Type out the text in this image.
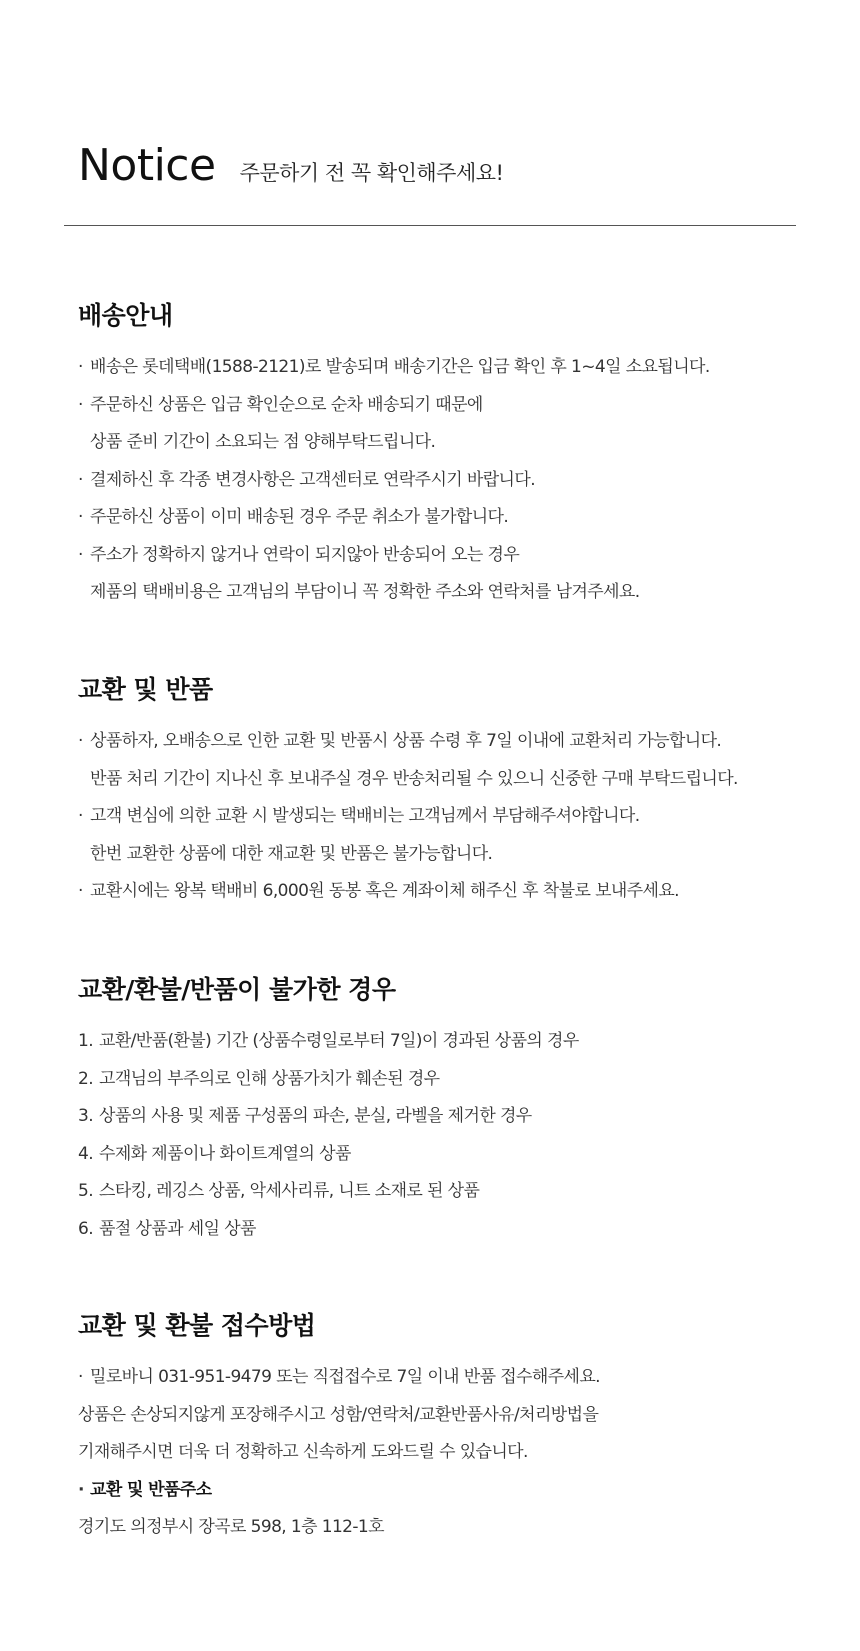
Notice 주문하기 전 꼭 확인해주세요!
배송안내
· 배송은 롯데택배(1588-2121)로 발송되며 배송기간은 입금 확인 후 1~4일 소요됩니다.
· 주문하신 상품은 입금 확인순으로 순차 배송되기 때문에
상품 준비 기간이 소요되는 점 양해부탁드립니다.
· 결제하신 후 각종 변경사항은 고객센터로 연락주시기 바랍니다.
· 주문하신 상품이 이미 배송된 경우 주문 취소가 불가합니다.
· 주소가 정확하지 않거나 연락이 되지않아 반송되어 오는 경우
제품의 택배비용은 고객님의 부담이니 꼭 정확한 주소와 연락처를 남겨주세요.
교환 및 반품
· 상품하자, 오배송으로 인한 교환 및 반품시 상품 수령 후 7일 이내에 교환처리 가능합니다.
반품 처리 기간이 지나신 후 보내주실 경우 반송처리될 수 있으니 신중한 구매 부탁드립니다.
· 고객 변심에 의한 교환 시 발생되는 택배비는 고객님께서 부담해주셔야합니다.
한번 교환한 상품에 대한 재교환 및 반품은 불가능합니다.
· 교환시에는 왕복 택배비 6,000원 동봉 혹은 계좌이체 해주신 후 착불로 보내주세요.
교환/환불/반품이 불가한 경우
1. 교환/반품(환불) 기간 (상품수령일로부터 7일)이 경과된 상품의 경우
2. 고객님의 부주의로 인해 상품가치가 훼손된 경우
3. 상품의 사용 및 제품 구성품의 파손, 분실, 라벨을 제거한 경우
4. 수제화 제품이나 화이트계열의 상품
5. 스타킹, 레깅스 상품, 악세사리류, 니트 소재로 된 상품
6. 품절 상품과 세일 상품
교환 및 환불 접수방법
· 밀로바니 031-951-9479 또는 직접접수로 7일 이내 반품 접수해주세요.

상품은 손상되지않게 포장해주시고 성함/연락처/교환반품사유/처리방법을

기재해주시면 더욱 더 정확하고 신속하게 도와드릴 수 있습니다.

· 교환 및 반품주소

경기도 의정부시 장곡로 598, 1층 112-1호
